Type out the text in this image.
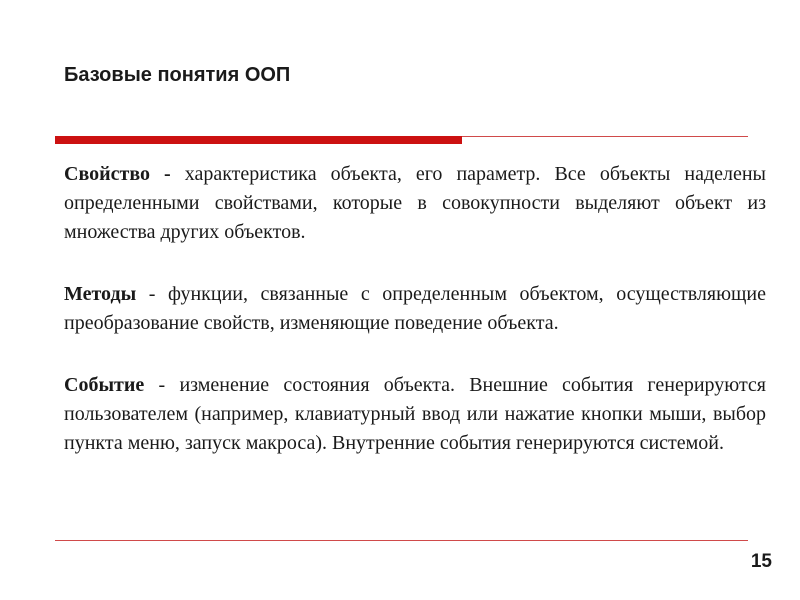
Базовые понятия ООП

Свойство - характеристика объекта, его параметр. Все объекты наделены определенными свойствами, которые в совокупности выделяют объект из множества других объектов.

Методы - функции, связанные с определенным объектом, осуществляющие преобразование свойств, изменяющие поведение объекта.

Событие - изменение состояния объекта. Внешние события генерируются пользователем (например, клавиатурный ввод или нажатие кнопки мыши, выбор пункта меню, запуск макроса). Внутренние события генерируются системой.

15
